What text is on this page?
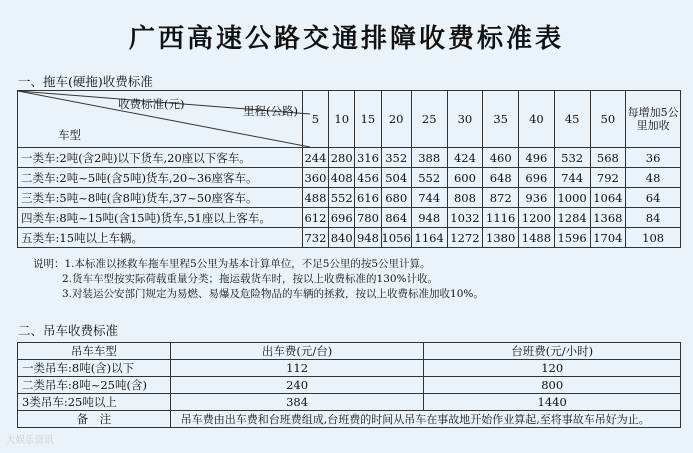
广西高速公路交通排障收费标准表
一、拖车(硬拖)收费标准
收费标准(元) 里程(公路)
车型	5	10	15	20	25	30	35	40	45	50	每增加5公里加收
一类车:2吨(含2吨)以下货车,20座以下客车。	244	280	316	352	388	424	460	496	532	568	36
二类车:2吨~5吨(含5吨)货车,20~36座客车。	360	408	456	504	552	600	648	696	744	792	48
三类车:5吨~8吨(含8吨)货车,37~50座客车。	488	552	616	680	744	808	872	936	1000	1064	64
四类车:8吨~15吨(含15吨)货车,51座以上客车。	612	696	780	864	948	1032	1116	1200	1284	1368	84
五类车:15吨以上车辆。	732	840	948	1056	1164	1272	1380	1488	1596	1704	108
说明：1.本标准以拯救车拖车里程5公里为基本计算单位，不足5公里的按5公里计算。
2.货车车型按实际荷载重量分类；拖运载货车时，按以上收费标准的130%计收。
3.对装运公安部门规定为易燃、易爆及危险物品的车辆的拯救，按以上收费标准加收10%。
二、吊车收费标准
吊车车型	出车费(元/台)	台班费(元/小时)
一类吊车:8吨(含)以下	112	120
二类吊车:8吨~25吨(含)	240	800
3类吊车:25吨以上	384	1440
备　注	吊车费由出车费和台班费组成,台班费的时间从吊车在事故地开始作业算起,至将事故车吊好为止。	
大娱乐资讯
